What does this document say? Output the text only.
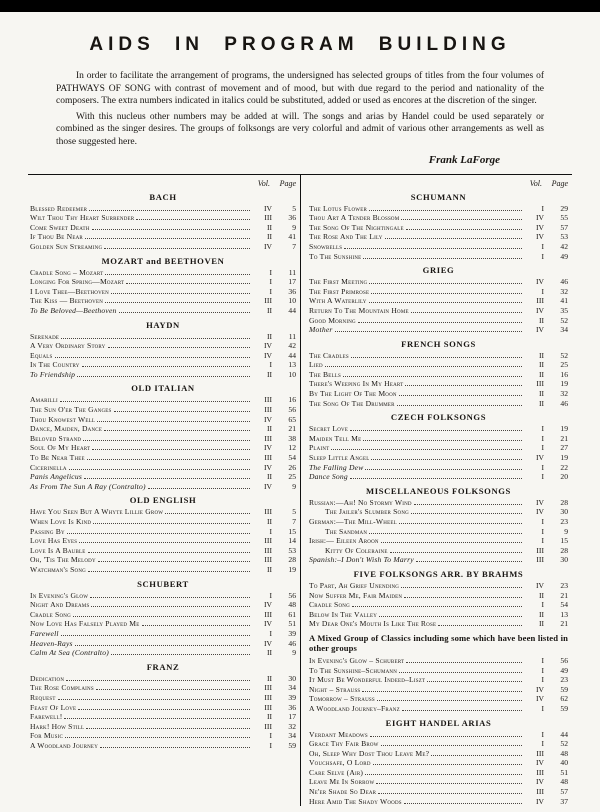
AIDS IN PROGRAM BUILDING

In order to facilitate the arrangement of programs, the undersigned has selected groups of titles from the four volumes of PATHWAYS OF SONG with contrast of movement and of mood, but with due regard to the period and nationality of the composers. The extra numbers indicated in italics could be substituted, added or used as encores at the discretion of the singer.

With this nucleus other numbers may be added at will. The songs and arias by Handel could be used separately or combined as the singer desires. The groups of folksongs are very colorful and admit of various other arrangements as well as those suggested here.

Frank LaForge
Vol.	Page
BACH
Blessed Redeemer	IV	5
Wilt Thou Thy Heart Surrender	III	36
Come Sweet Death	II	9
If Thou Be Near	II	41
Golden Sun Streaming	IV	7
MOZART and BEETHOVEN
Cradle Song – Mozart	I	11
Longing For Spring—Mozart	I	17
I Love Thee—Beethoven	I	36
The Kiss — Beethoven	III	10
To Be Beloved—Beethoven	II	44
HAYDN
Serenade	II	11
A Very Ordinary Story	IV	42
Equals	IV	44
In The Country	I	13
To Friendship	II	10
OLD ITALIAN
Amarilli	III	16
The Sun O'er The Ganges	III	56
Thou Knowest Well	IV	65
Dance, Maiden, Dance	II	21
Beloved Strand	III	38
Soul Of My Heart	IV	12
To Be Near Thee	III	54
Cicerinella	IV	26
Panis Angelicus	II	25
As From The Sun A Ray (Contralto)	IV	9
OLD ENGLISH
Have You Seen But A Whyte Lillie Grow	III	5
When Love Is Kind	II	7
Passing By	I	15
Love Has Eyes	III	14
Love Is A Bauble	III	53
Oh, 'Tis The Melody	III	28
Watchman's Song	II	19
SCHUBERT
In Evening's Glow	I	56
Night And Dreams	IV	48
Cradle Song	III	61
Now Love Has Falsely Played Me	IV	51
Farewell	I	39
Heaven-Rays	IV	46
Calm At Sea (Contralto)	II	9
FRANZ
Dedication	II	30
The Rose Complains	III	34
Request	III	39
Feast Of Love	III	36
Farewell!	II	17
Hark! How Still	III	32
For Music	I	34
A Woodland Journey	I	59
Vol.	Page
SCHUMANN
The Lotus Flower	I	29
Thou Art A Tender Blossom	IV	55
The Song Of The Nightingale	IV	57
The Rose And The Lily	IV	53
Snowbells	I	42
To The Sunshine	I	49
GRIEG
The First Meeting	IV	46
The First Primrose	I	32
With A Waterlily	III	41
Return To The Mountain Home	IV	35
Good Morning	II	52
Mother	IV	34
FRENCH SONGS
The Cradles	II	52
Lied	II	25
The Bells	II	16
There's Weeping In My Heart	III	19
By The Light Of The Moon	II	32
The Song Of The Drummer	II	46
CZECH FOLKSONGS
Secret Love	I	19
Maiden Tell Me	I	21
Plaint	I	27
Sleep Little Angel	IV	19
The Falling Dew	I	22
Dance Song	I	20
MISCELLANEOUS FOLKSONGS
Russian:—Ah! No Stormy Wind	IV	28
The Jailer's Slumber Song	IV	30
German:—The Mill-Wheel	I	23
The Sandman	I	9
Irish:— Eileen Aroon	I	15
Kitty Of Coleraine	III	28
Spanish:–I Don't Wish To Marry	III	30
FIVE FOLKSONGS ARR. BY BRAHMS
To Part, Ah Grief Unending	IV	23
Now Suffer Me, Fair Maiden	II	21
Cradle Song	I	54
Below In The Valley	II	13
My Dear One's Mouth Is Like The Rose	II	21
A Mixed Group of Classics including some which have been listed in other groups
In Evening's Glow – Schubert	I	56
To The Sunshine–Schumann	I	49
It Must Be Wonderful Indeed–Liszt	I	23
Night – Strauss	IV	59
Tomorrow – Strauss	IV	62
A Woodland Journey–Franz	I	59
EIGHT HANDEL ARIAS
Verdant Meadows	I	44
Grace Thy Fair Brow	I	52
Oh, Sleep Why Dost Thou Leave Me?	III	48
Vouchsafe, O Lord	IV	40
Care Selve (Air)	III	51
Leave Me In Sorrow	IV	48
Ne'er Shade So Dear	III	57
Here Amid The Shady Woods	IV	37
